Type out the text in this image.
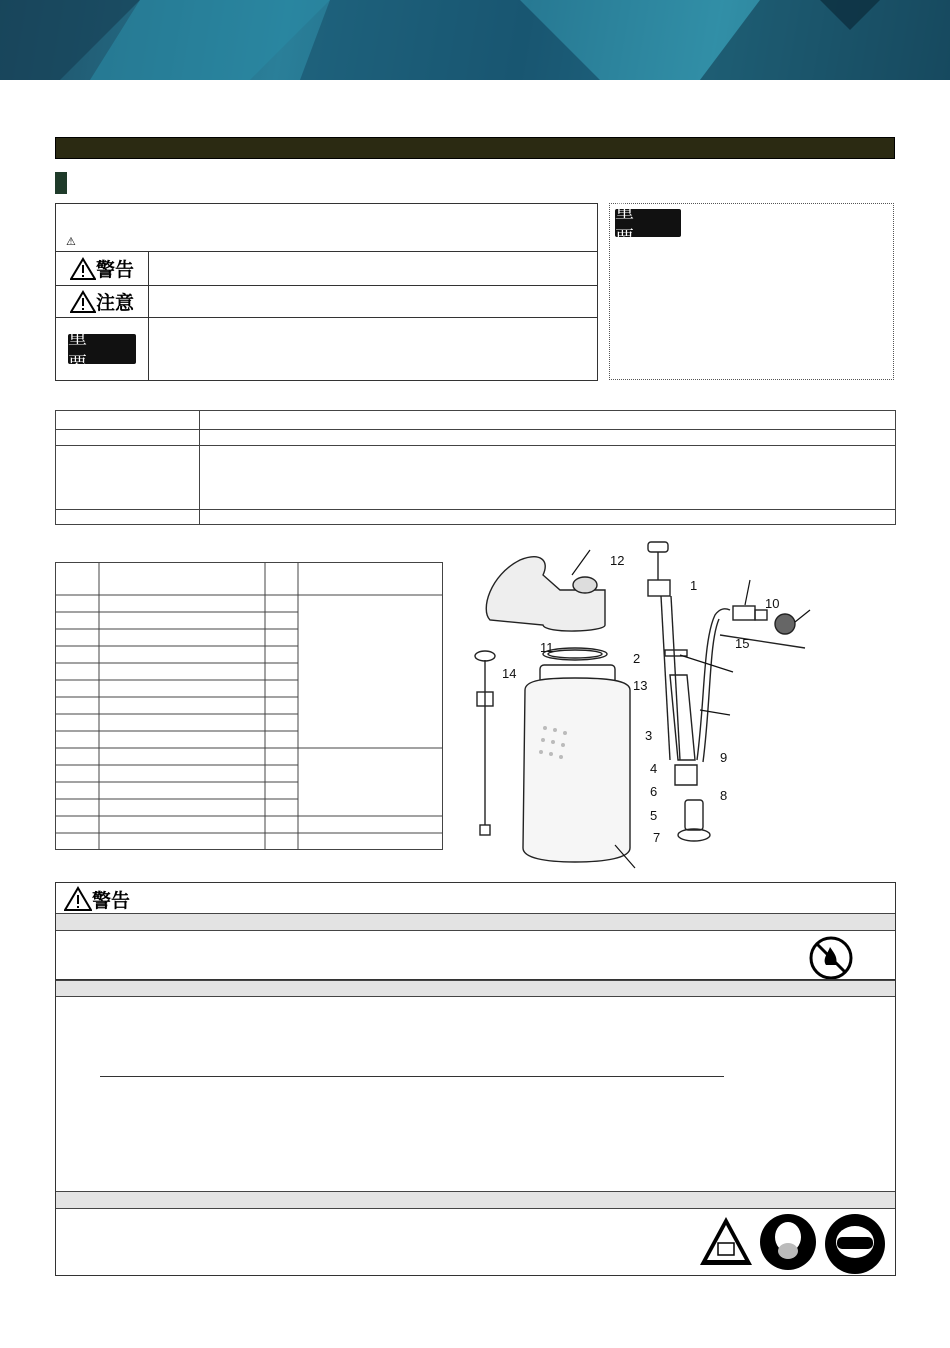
⚠
警告
注意
重 要
重 要

12
1
10
15
11
14
2
13
3
9
4
6	8
5
7
警告
